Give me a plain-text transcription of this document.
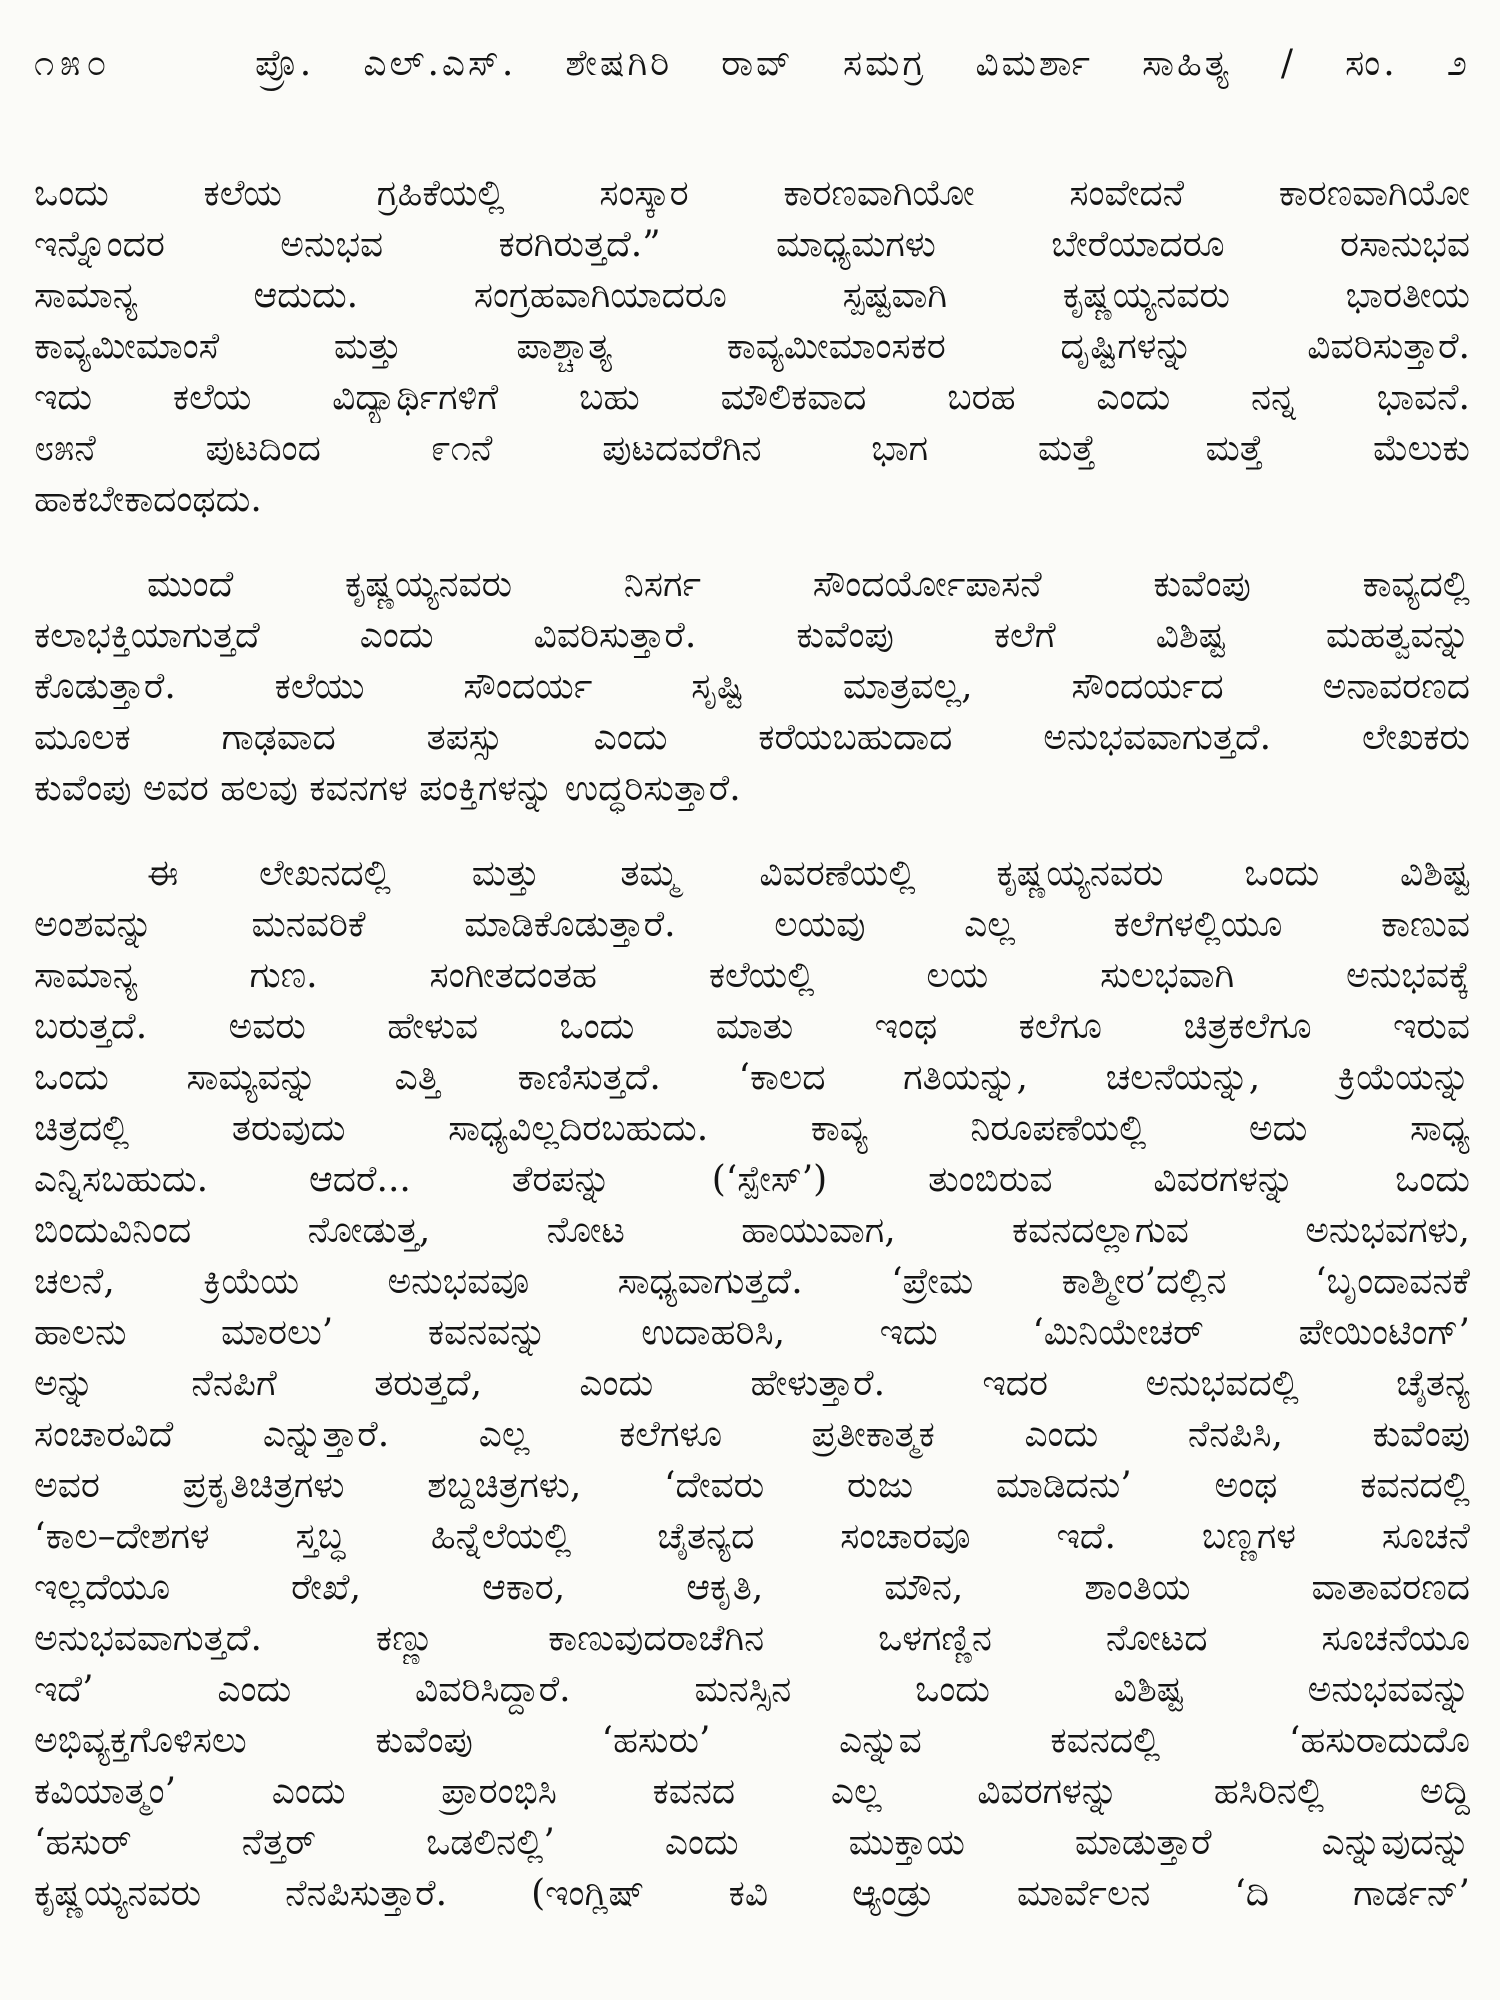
೧೫೦	ಪ್ರೊ. ಎಲ್.ಎಸ್. ಶೇಷಗಿರಿ ರಾವ್ ಸಮಗ್ರ ವಿಮರ್ಶಾ ಸಾಹಿತ್ಯ / ಸಂ. ೨
ಒಂದು ಕಲೆಯ ಗ್ರಹಿಕೆಯಲ್ಲಿ ಸಂಸ್ಕಾರ ಕಾರಣವಾಗಿಯೋ ಸಂವೇದನೆ ಕಾರಣವಾಗಿಯೋ
ಇನ್ನೊಂದರ ಅನುಭವ ಕರಗಿರುತ್ತದೆ.” ಮಾಧ್ಯಮಗಳು ಬೇರೆಯಾದರೂ ರಸಾನುಭವ
ಸಾಮಾನ್ಯ ಆದುದು. ಸಂಗ್ರಹವಾಗಿಯಾದರೂ ಸ್ಪಷ್ಟವಾಗಿ ಕೃಷ್ಣಯ್ಯನವರು ಭಾರತೀಯ
ಕಾವ್ಯಮೀಮಾಂಸೆ ಮತ್ತು ಪಾಶ್ಚಾತ್ಯ ಕಾವ್ಯಮೀಮಾಂಸಕರ ದೃಷ್ಟಿಗಳನ್ನು ವಿವರಿಸುತ್ತಾರೆ.
ಇದು ಕಲೆಯ ವಿದ್ಯಾರ್ಥಿಗಳಿಗೆ ಬಹು ಮೌಲಿಕವಾದ ಬರಹ ಎಂದು ನನ್ನ ಭಾವನೆ.
೮೫ನೆ ಪುಟದಿಂದ ೯೧ನೆ ಪುಟದವರೆಗಿನ ಭಾಗ ಮತ್ತೆ ಮತ್ತೆ ಮೆಲುಕು
ಹಾಕಬೇಕಾದಂಥದು.
ಮುಂದೆ ಕೃಷ್ಣಯ್ಯನವರು ನಿಸರ್ಗ ಸೌಂದರ್ಯೋಪಾಸನೆ ಕುವೆಂಪು ಕಾವ್ಯದಲ್ಲಿ
ಕಲಾಭಕ್ತಿಯಾಗುತ್ತದೆ ಎಂದು ವಿವರಿಸುತ್ತಾರೆ. ಕುವೆಂಪು ಕಲೆಗೆ ವಿಶಿಷ್ಟ ಮಹತ್ವವನ್ನು
ಕೊಡುತ್ತಾರೆ. ಕಲೆಯು ಸೌಂದರ್ಯ ಸೃಷ್ಟಿ ಮಾತ್ರವಲ್ಲ, ಸೌಂದರ್ಯದ ಅನಾವರಣದ
ಮೂಲಕ ಗಾಢವಾದ ತಪಸ್ಸು ಎಂದು ಕರೆಯಬಹುದಾದ ಅನುಭವವಾಗುತ್ತದೆ. ಲೇಖಕರು
ಕುವೆಂಪು ಅವರ ಹಲವು ಕವನಗಳ ಪಂಕ್ತಿಗಳನ್ನು ಉದ್ಧರಿಸುತ್ತಾರೆ.
ಈ ಲೇಖನದಲ್ಲಿ ಮತ್ತು ತಮ್ಮ ವಿವರಣೆಯಲ್ಲಿ ಕೃಷ್ಣಯ್ಯನವರು ಒಂದು ವಿಶಿಷ್ಟ
ಅಂಶವನ್ನು ಮನವರಿಕೆ ಮಾಡಿಕೊಡುತ್ತಾರೆ. ಲಯವು ಎಲ್ಲ ಕಲೆಗಳಲ್ಲಿಯೂ ಕಾಣುವ
ಸಾಮಾನ್ಯ ಗುಣ. ಸಂಗೀತದಂತಹ ಕಲೆಯಲ್ಲಿ ಲಯ ಸುಲಭವಾಗಿ ಅನುಭವಕ್ಕೆ
ಬರುತ್ತದೆ. ಅವರು ಹೇಳುವ ಒಂದು ಮಾತು ಇಂಥ ಕಲೆಗೂ ಚಿತ್ರಕಲೆಗೂ ಇರುವ
ಒಂದು ಸಾಮ್ಯವನ್ನು ಎತ್ತಿ ಕಾಣಿಸುತ್ತದೆ. ‘ಕಾಲದ ಗತಿಯನ್ನು, ಚಲನೆಯನ್ನು, ಕ್ರಿಯೆಯನ್ನು
ಚಿತ್ರದಲ್ಲಿ ತರುವುದು ಸಾಧ್ಯವಿಲ್ಲದಿರಬಹುದು. ಕಾವ್ಯ ನಿರೂಪಣೆಯಲ್ಲಿ ಅದು ಸಾಧ್ಯ
ಎನ್ನಿಸಬಹುದು. ಆದರೆ... ತೆರಪನ್ನು (‘ಸ್ಪೇಸ್’) ತುಂಬಿರುವ ವಿವರಗಳನ್ನು ಒಂದು
ಬಿಂದುವಿನಿಂದ ನೋಡುತ್ತ, ನೋಟ ಹಾಯುವಾಗ, ಕವನದಲ್ಲಾಗುವ ಅನುಭವಗಳು,
ಚಲನೆ, ಕ್ರಿಯೆಯ ಅನುಭವವೂ ಸಾಧ್ಯವಾಗುತ್ತದೆ. ‘ಪ್ರೇಮ ಕಾಶ್ಮೀರ’ದಲ್ಲಿನ ‘ಬೃಂದಾವನಕೆ
ಹಾಲನು ಮಾರಲು’ ಕವನವನ್ನು ಉದಾಹರಿಸಿ, ಇದು ‘ಮಿನಿಯೇಚರ್ ಪೇಯಿಂಟಿಂಗ್’
ಅನ್ನು ನೆನಪಿಗೆ ತರುತ್ತದೆ, ಎಂದು ಹೇಳುತ್ತಾರೆ. ಇದರ ಅನುಭವದಲ್ಲಿ ಚೈತನ್ಯ
ಸಂಚಾರವಿದೆ ಎನ್ನುತ್ತಾರೆ. ಎಲ್ಲ ಕಲೆಗಳೂ ಪ್ರತೀಕಾತ್ಮಕ ಎಂದು ನೆನಪಿಸಿ, ಕುವೆಂಪು
ಅವರ ಪ್ರಕೃತಿಚಿತ್ರಗಳು ಶಬ್ದಚಿತ್ರಗಳು, ‘ದೇವರು ರುಜು ಮಾಡಿದನು’ ಅಂಥ ಕವನದಲ್ಲಿ
‘ಕಾಲ–ದೇಶಗಳ ಸ್ತಬ್ಧ ಹಿನ್ನೆಲೆಯಲ್ಲಿ ಚೈತನ್ಯದ ಸಂಚಾರವೂ ಇದೆ. ಬಣ್ಣಗಳ ಸೂಚನೆ
ಇಲ್ಲದೆಯೂ ರೇಖೆ, ಆಕಾರ, ಆಕೃತಿ, ಮೌನ, ಶಾಂತಿಯ ವಾತಾವರಣದ
ಅನುಭವವಾಗುತ್ತದೆ. ಕಣ್ಣು ಕಾಣುವುದರಾಚೆಗಿನ ಒಳಗಣ್ಣಿನ ನೋಟದ ಸೂಚನೆಯೂ
ಇದೆ’ ಎಂದು ವಿವರಿಸಿದ್ದಾರೆ. ಮನಸ್ಸಿನ ಒಂದು ವಿಶಿಷ್ಟ ಅನುಭವವನ್ನು
ಅಭಿವ್ಯಕ್ತಗೊಳಿಸಲು ಕುವೆಂಪು ‘ಹಸುರು’ ಎನ್ನುವ ಕವನದಲ್ಲಿ ‘ಹಸುರಾದುದೊ
ಕವಿಯಾತ್ಮಂ’ ಎಂದು ಪ್ರಾರಂಭಿಸಿ ಕವನದ ಎಲ್ಲ ವಿವರಗಳನ್ನು ಹಸಿರಿನಲ್ಲಿ ಅದ್ದಿ
‘ಹಸುರ್ ನೆತ್ತರ್ ಒಡಲಿನಲ್ಲಿ’ ಎಂದು ಮುಕ್ತಾಯ ಮಾಡುತ್ತಾರೆ ಎನ್ನುವುದನ್ನು
ಕೃಷ್ಣಯ್ಯನವರು ನೆನಪಿಸುತ್ತಾರೆ. (ಇಂಗ್ಲಿಷ್ ಕವಿ ಆ್ಯಂಡ್ರು ಮಾರ್ವೆಲನ ‘ದಿ ಗಾರ್ಡನ್’
